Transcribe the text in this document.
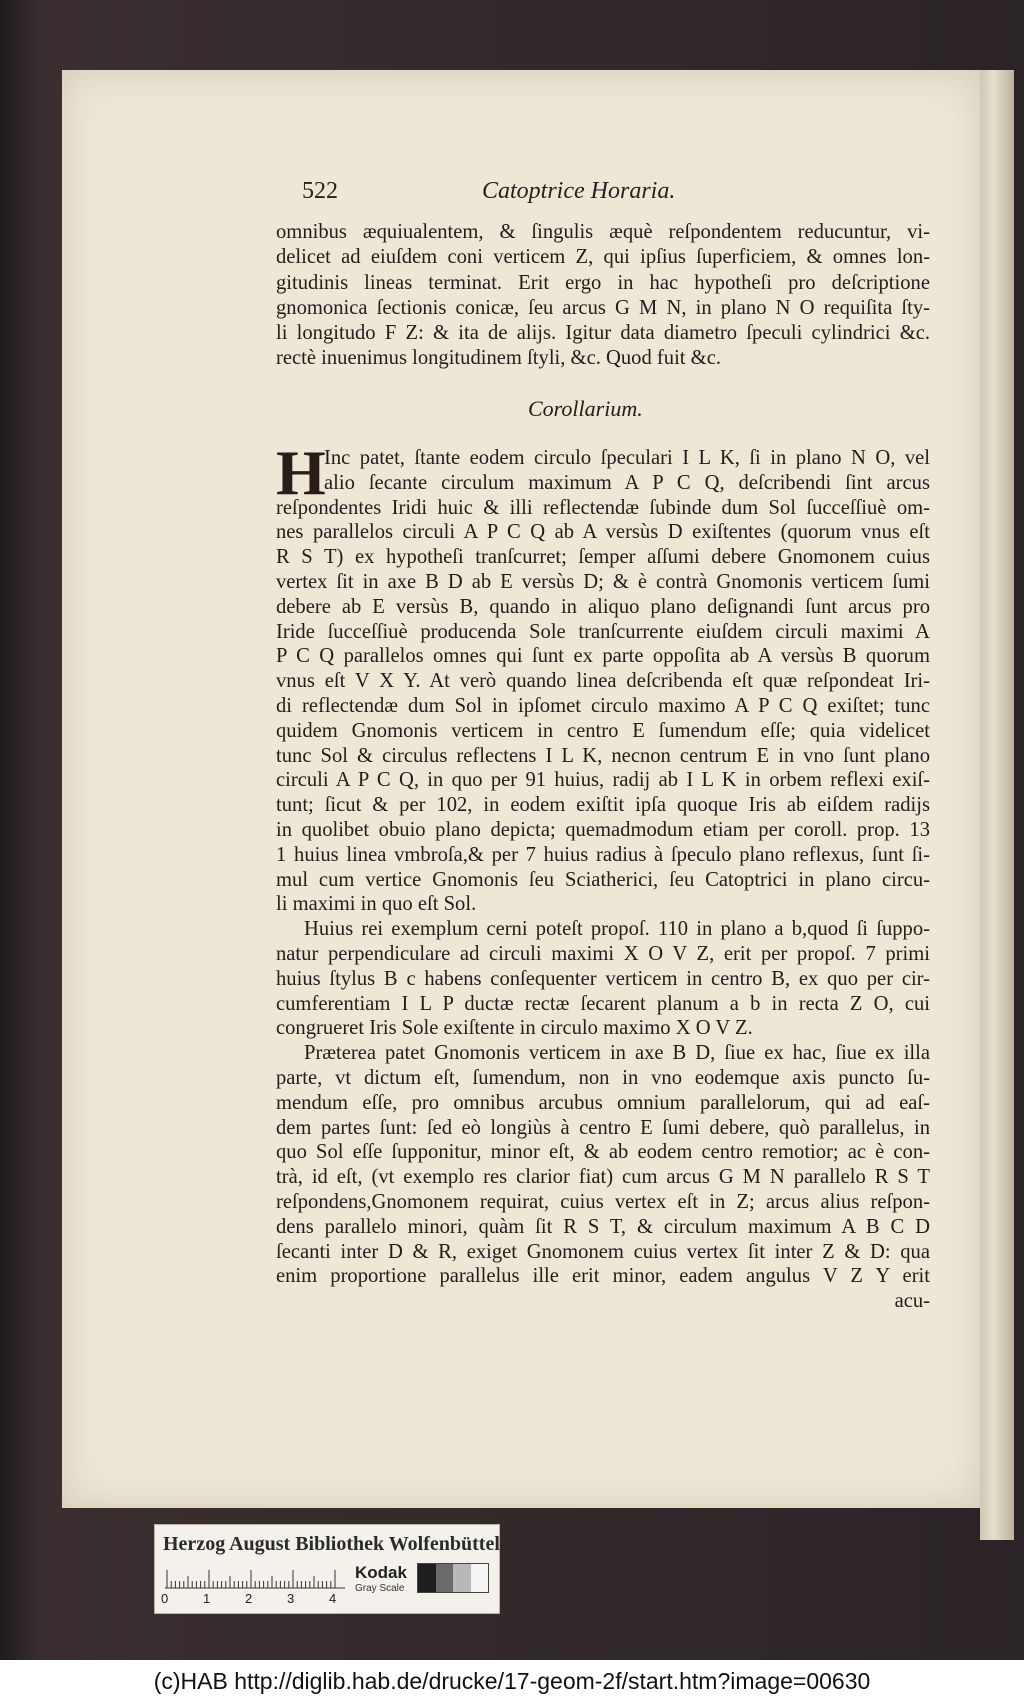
522	Catoptrice Horaria.
omnibus æquiualentem, & ſingulis æquè reſpondentem reducuntur, vi-
delicet ad eiuſdem coni verticem Z, qui ipſius ſuperficiem, & omnes lon-
gitudinis lineas terminat. Erit ergo in hac hypotheſi pro deſcriptione
gnomonica ſectionis conicæ, ſeu arcus G M N, in plano N O requiſita ſty-
li longitudo F Z: & ita de alijs. Igitur data diametro ſpeculi cylindrici &c.
rectè inuenimus longitudinem ſtyli, &c. Quod fuit &c.
Corollarium.
H
Inc patet, ſtante eodem circulo ſpeculari I L K, ſi in plano N O, vel
alio ſecante circulum maximum A P C Q, deſcribendi ſint arcus
reſpondentes Iridi huic & illi reflectendæ ſubinde dum Sol ſucceſſiuè om-
nes parallelos circuli A P C Q ab A versùs D exiſtentes (quorum vnus eſt
R S T) ex hypotheſi tranſcurret; ſemper aſſumi debere Gnomonem cuius
vertex ſit in axe B D ab E versùs D; & è contrà Gnomonis verticem ſumi
debere ab E versùs B, quando in aliquo plano deſignandi ſunt arcus pro
Iride ſucceſſiuè producenda Sole tranſcurrente eiuſdem circuli maximi A
P C Q parallelos omnes qui ſunt ex parte oppoſita ab A versùs B quorum
vnus eſt V X Y. At verò quando linea deſcribenda eſt quæ reſpondeat Iri-
di reflectendæ dum Sol in ipſomet circulo maximo A P C Q exiſtet; tunc
quidem Gnomonis verticem in centro E ſumendum eſſe; quia videlicet
tunc Sol & circulus reflectens I L K, necnon centrum E in vno ſunt plano
circuli A P C Q, in quo per 91 huius, radij ab I L K in orbem reflexi exiſ-
tunt; ſicut & per 102, in eodem exiſtit ipſa quoque Iris ab eiſdem radijs
in quolibet obuio plano depicta; quemadmodum etiam per coroll. prop. 13
1 huius linea vmbroſa,& per 7 huius radius à ſpeculo plano reflexus, ſunt ſi-
mul cum vertice Gnomonis ſeu Sciatherici, ſeu Catoptrici in plano circu-
li maximi in quo eſt Sol.
Huius rei exemplum cerni poteſt propoſ. 110 in plano a b,quod ſi ſuppo-
natur perpendiculare ad circuli maximi X O V Z, erit per propoſ. 7 primi
huius ſtylus B c habens conſequenter verticem in centro B, ex quo per cir-
cumferentiam I L P ductæ rectæ ſecarent planum a b in recta Z O, cui
congrueret Iris Sole exiſtente in circulo maximo X O V Z.
Præterea patet Gnomonis verticem in axe B D, ſiue ex hac, ſiue ex illa
parte, vt dictum eſt, ſumendum, non in vno eodemque axis puncto ſu-
mendum eſſe, pro omnibus arcubus omnium parallelorum, qui ad eaſ-
dem partes ſunt: ſed eò longiùs à centro E ſumi debere, quò parallelus, in
quo Sol eſſe ſupponitur, minor eſt, & ab eodem centro remotior; ac è con-
trà, id eſt, (vt exemplo res clarior fiat) cum arcus G M N parallelo R S T
reſpondens,Gnomonem requirat, cuius vertex eſt in Z; arcus alius reſpon-
dens parallelo minori, quàm ſit R S T, & circulum maximum A B C D
ſecanti inter D & R, exiget Gnomonem cuius vertex ſit inter Z & D: qua
enim proportione parallelus ille erit minor, eadem angulus V Z Y erit
acu-
Herzog August Bibliothek Wolfenbüttel
0	1	2	3	4
Kodak
Gray Scale
(c)HAB http://diglib.hab.de/drucke/17-geom-2f/start.htm?image=00630
